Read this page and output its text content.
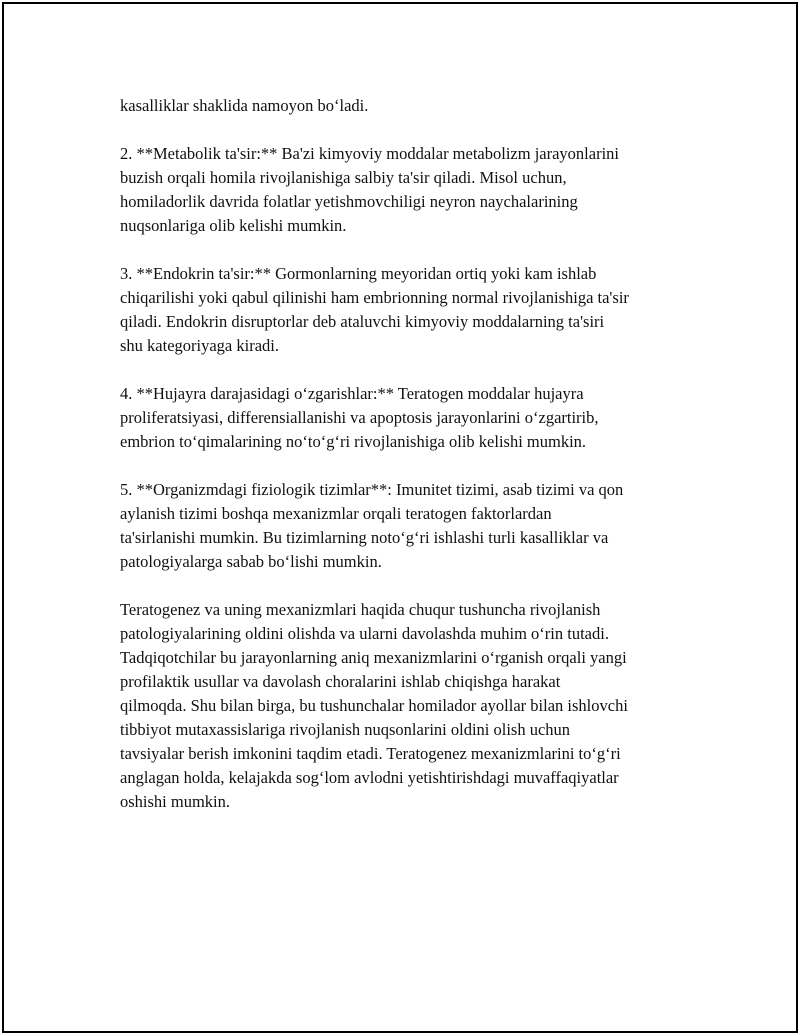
kasalliklar shaklida namoyon bo‘ladi.

2. **Metabolik ta'sir:** Ba'zi kimyoviy moddalar metabolizm jarayonlarini
buzish orqali homila rivojlanishiga salbiy ta'sir qiladi. Misol uchun,
homiladorlik davrida folatlar yetishmovchiligi neyron naychalarining
nuqsonlariga olib kelishi mumkin.

3. **Endokrin ta'sir:** Gormonlarning meyoridan ortiq yoki kam ishlab
chiqarilishi yoki qabul qilinishi ham embrionning normal rivojlanishiga ta'sir
qiladi. Endokrin disruptorlar deb ataluvchi kimyoviy moddalarning ta'siri
shu kategoriyaga kiradi.

4. **Hujayra darajasidagi o‘zgarishlar:** Teratogen moddalar hujayra
proliferatsiyasi, differensiallanishi va apoptosis jarayonlarini o‘zgartirib,
embrion to‘qimalarining no‘to‘g‘ri rivojlanishiga olib kelishi mumkin.

5. **Organizmdagi fiziologik tizimlar**: Imunitet tizimi, asab tizimi va qon
aylanish tizimi boshqa mexanizmlar orqali teratogen faktorlardan
ta'sirlanishi mumkin. Bu tizimlarning noto‘g‘ri ishlashi turli kasalliklar va
patologiyalarga sabab bo‘lishi mumkin.

Teratogenez va uning mexanizmlari haqida chuqur tushuncha rivojlanish
patologiyalarining oldini olishda va ularni davolashda muhim o‘rin tutadi.
Tadqiqotchilar bu jarayonlarning aniq mexanizmlarini o‘rganish orqali yangi
profilaktik usullar va davolash choralarini ishlab chiqishga harakat
qilmoqda. Shu bilan birga, bu tushunchalar homilador ayollar bilan ishlovchi
tibbiyot mutaxassislariga rivojlanish nuqsonlarini oldini olish uchun
tavsiyalar berish imkonini taqdim etadi. Teratogenez mexanizmlarini to‘g‘ri
anglagan holda, kelajakda sog‘lom avlodni yetishtirishdagi muvaffaqiyatlar
oshishi mumkin.
